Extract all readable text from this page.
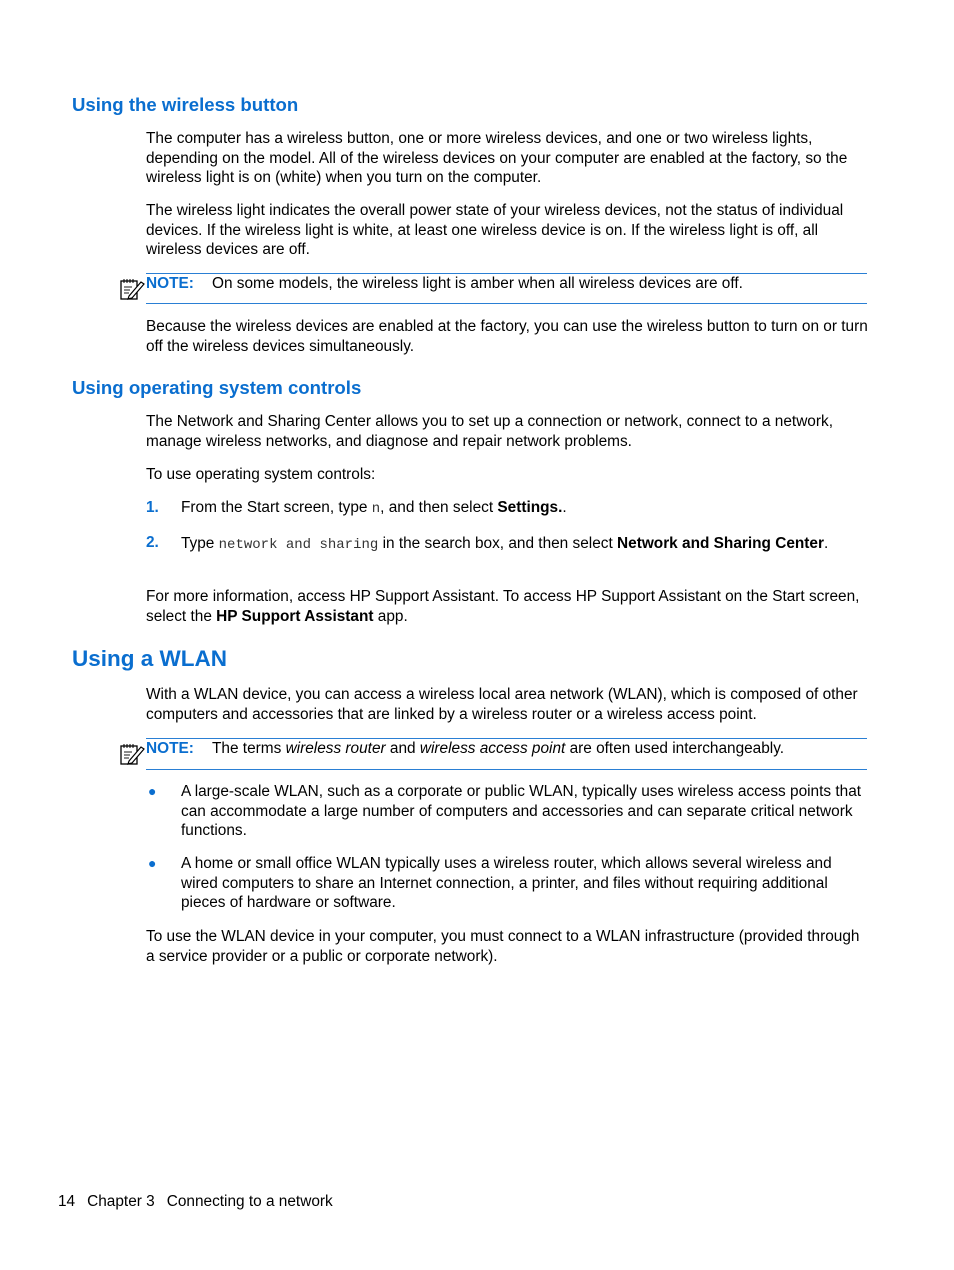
Using the wireless button
The computer has a wireless button, one or more wireless devices, and one or two wireless lights, depending on the model. All of the wireless devices on your computer are enabled at the factory, so the wireless light is on (white) when you turn on the computer.
The wireless light indicates the overall power state of your wireless devices, not the status of individual devices. If the wireless light is white, at least one wireless device is on. If the wireless light is off, all wireless devices are off.
NOTE: On some models, the wireless light is amber when all wireless devices are off.
Because the wireless devices are enabled at the factory, you can use the wireless button to turn on or turn off the wireless devices simultaneously.
Using operating system controls
The Network and Sharing Center allows you to set up a connection or network, connect to a network, manage wireless networks, and diagnose and repair network problems.
To use operating system controls:
1. From the Start screen, type n, and then select Settings..
2. Type network and sharing in the search box, and then select Network and Sharing Center.
For more information, access HP Support Assistant. To access HP Support Assistant on the Start screen, select the HP Support Assistant app.
Using a WLAN
With a WLAN device, you can access a wireless local area network (WLAN), which is composed of other computers and accessories that are linked by a wireless router or a wireless access point.
NOTE: The terms wireless router and wireless access point are often used interchangeably.
● A large-scale WLAN, such as a corporate or public WLAN, typically uses wireless access points that can accommodate a large number of computers and accessories and can separate critical network functions.
● A home or small office WLAN typically uses a wireless router, which allows several wireless and wired computers to share an Internet connection, a printer, and files without requiring additional pieces of hardware or software.
To use the WLAN device in your computer, you must connect to a WLAN infrastructure (provided through a service provider or a public or corporate network).
14 Chapter 3 Connecting to a network
